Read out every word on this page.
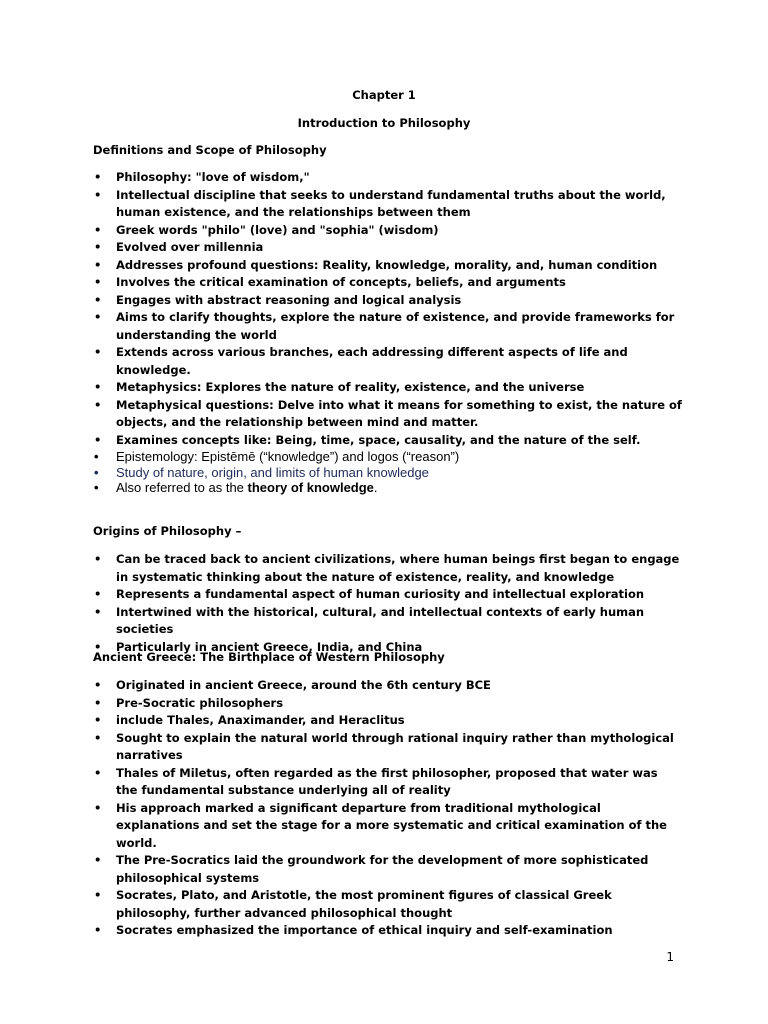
Chapter 1
Introduction to Philosophy
Definitions and Scope of Philosophy
• Philosophy: "love of wisdom,"
• Intellectual discipline that seeks to understand fundamental truths about the world, human existence, and the relationships between them
• Greek words "philo" (love) and "sophia" (wisdom)
• Evolved over millennia
• Addresses profound questions: Reality, knowledge, morality, and, human condition
• Involves the critical examination of concepts, beliefs, and arguments
• Engages with abstract reasoning and logical analysis
• Aims to clarify thoughts, explore the nature of existence, and provide frameworks for understanding the world
• Extends across various branches, each addressing different aspects of life and knowledge.
• Metaphysics: Explores the nature of reality, existence, and the universe
• Metaphysical questions: Delve into what it means for something to exist, the nature of objects, and the relationship between mind and matter.
• Examines concepts like: Being, time, space, causality, and the nature of the self.
• Epistemology: Epistēmē (“knowledge”) and logos (“reason”)
• Study of nature, origin, and limits of human knowledge
• Also referred to as the theory of knowledge.
Origins of Philosophy –
• Can be traced back to ancient civilizations, where human beings first began to engage in systematic thinking about the nature of existence, reality, and knowledge
• Represents a fundamental aspect of human curiosity and intellectual exploration
• Intertwined with the historical, cultural, and intellectual contexts of early human societies
• Particularly in ancient Greece, India, and China
Ancient Greece: The Birthplace of Western Philosophy
• Originated in ancient Greece, around the 6th century BCE
• Pre-Socratic philosophers
• include Thales, Anaximander, and Heraclitus
• Sought to explain the natural world through rational inquiry rather than mythological narratives
• Thales of Miletus, often regarded as the first philosopher, proposed that water was the fundamental substance underlying all of reality
• His approach marked a significant departure from traditional mythological explanations and set the stage for a more systematic and critical examination of the world.
• The Pre-Socratics laid the groundwork for the development of more sophisticated philosophical systems
• Socrates, Plato, and Aristotle, the most prominent figures of classical Greek philosophy, further advanced philosophical thought
• Socrates emphasized the importance of ethical inquiry and self-examination
1
